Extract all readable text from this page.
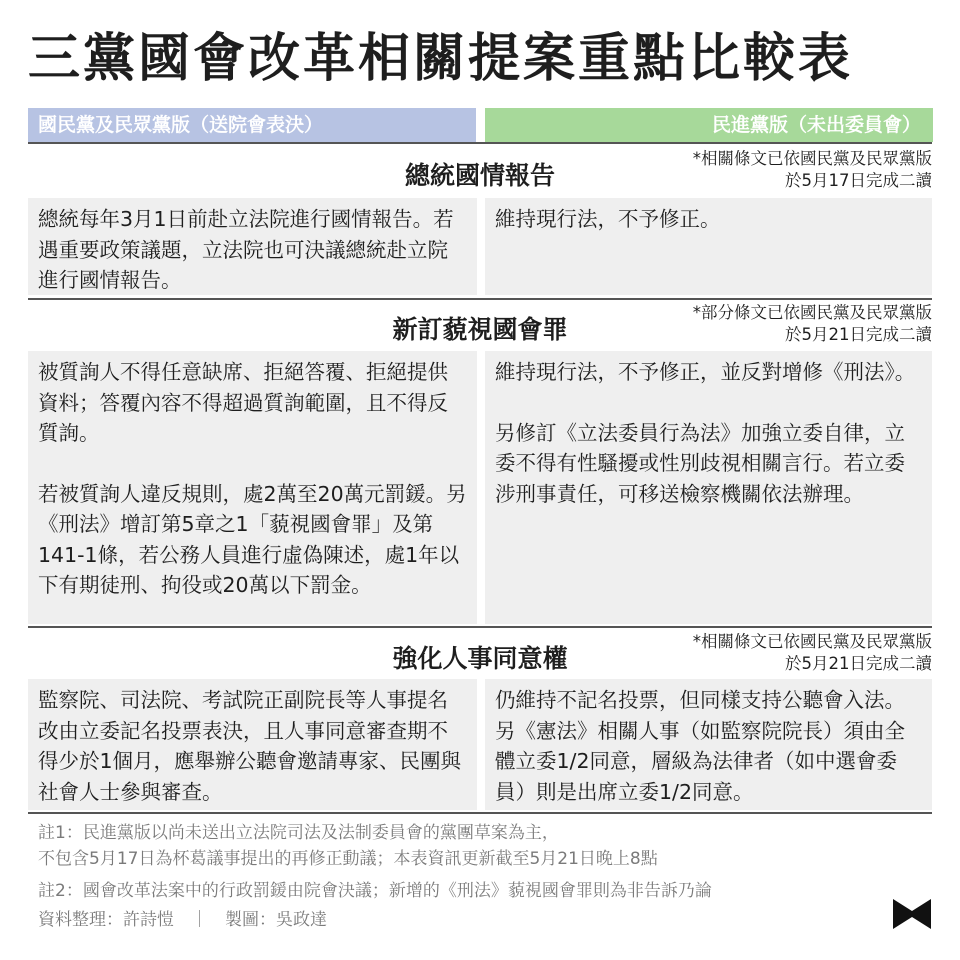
三黨國會改革相關提案重點比較表
國民黨及民眾黨版（送院會表決）	民進黨版（未出委員會）
總統國情報告
*相關條文已依國民黨及民眾黨版
於5月17日完成二讀

總統每年3月1日前赴立法院進行國情報告。若遇重要政策議題，立法院也可決議總統赴立院進行國情報告。

維持現行法，不予修正。

新訂藐視國會罪
*部分條文已依國民黨及民眾黨版
於5月21日完成二讀

被質詢人不得任意缺席、拒絕答覆、拒絕提供資料；答覆內容不得超過質詢範圍，且不得反質詢。

若被質詢人違反規則，處2萬至20萬元罰鍰。另《刑法》增訂第5章之1「藐視國會罪」及第141-1條，若公務人員進行虛偽陳述，處1年以下有期徒刑、拘役或20萬以下罰金。

維持現行法，不予修正，並反對增修《刑法》。

另修訂《立法委員行為法》加強立委自律，立委不得有性騷擾或性別歧視相關言行。若立委涉刑事責任，可移送檢察機關依法辦理。

強化人事同意權
*相關條文已依國民黨及民眾黨版
於5月21日完成二讀

監察院、司法院、考試院正副院長等人事提名改由立委記名投票表決，且人事同意審查期不得少於1個月，應舉辦公聽會邀請專家、民團與社會人士參與審查。

仍維持不記名投票，但同樣支持公聽會入法。另《憲法》相關人事（如監察院院長）須由全體立委1/2同意，層級為法律者（如中選會委員）則是出席立委1/2同意。

註1：民進黨版以尚未送出立法院司法及法制委員會的黨團草案為主，
不包含5月17日為杯葛議事提出的再修正動議；本表資訊更新截至5月21日晚上8點
註2：國會改革法案中的行政罰鍰由院會決議；新增的《刑法》藐視國會罪則為非告訴乃論
資料整理：許詩愷　｜　製圖：吳政達
